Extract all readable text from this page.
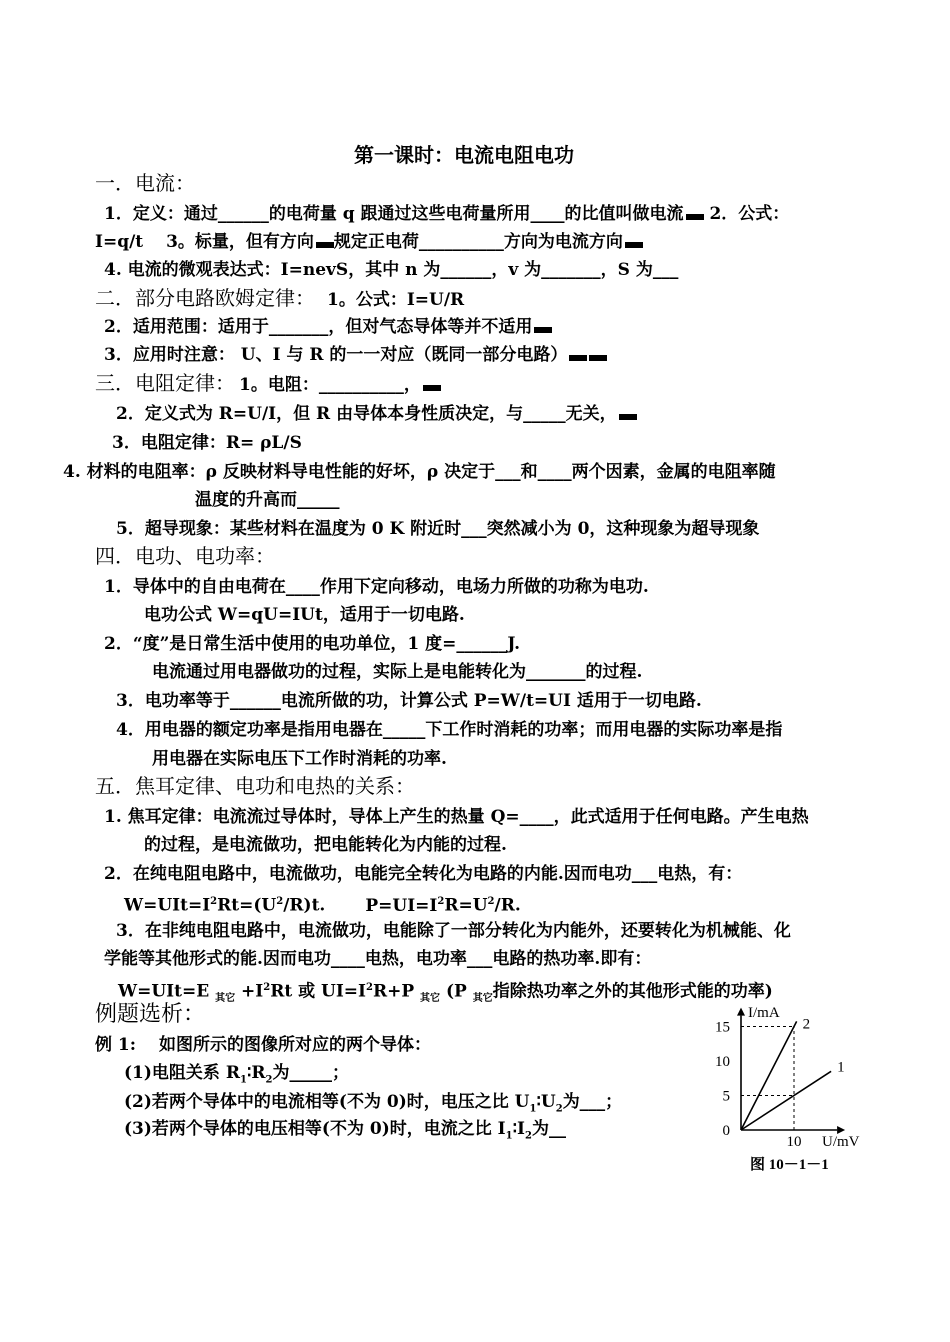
第一课时：电流电阻电功
一．电流：
1．定义：通过______的电荷量 q 跟通过这些电荷量所用____的比值叫做电流 2．公式：
I=q/t　 3。标量，但有方向 规定正电荷__________方向为电流方向
4. 电流的微观表达式：I=nevS，其中 n 为______，v 为_______，S 为___
二．部分电路欧姆定律： 1。公式：I=U/R
2．适用范围：适用于_______，但对气态导体等并不适用
3．应用时注意： U、I 与 R 的一一对应（既同一部分电路）
三．电阻定律： 1。电阻：__________，
2．定义式为 R=U/I，但 R 由导体本身性质决定，与_____无关，
3．电阻定律：R= ρL/S
4. 材料的电阻率：ρ 反映材料导电性能的好坏，ρ 决定于___和____两个因素，金属的电阻率随
温度的升高而_____
5．超导现象：某些材料在温度为 0 K 附近时___突然减小为 0，这种现象为超导现象
四．电功、电功率：
1．导体中的自由电荷在____作用下定向移动，电场力所做的功称为电功.
电功公式 W=qU=IUt，适用于一切电路.
2．“度”是日常生活中使用的电功单位，1 度=______J.
电流通过用电器做功的过程，实际上是电能转化为_______的过程.
3．电功率等于______电流所做的功，计算公式 P=W/t=UI 适用于一切电路.
4．用电器的额定功率是指用电器在_____下工作时消耗的功率；而用电器的实际功率是指
用电器在实际电压下工作时消耗的功率.
五．焦耳定律、电功和电热的关系：
1. 焦耳定律：电流流过导体时，导体上产生的热量 Q=____，此式适用于任何电路。产生电热
的过程，是电流做功，把电能转化为内能的过程.
2．在纯电阻电路中，电流做功，电能完全转化为电路的内能.因而电功___电热，有：
$W=UIt=I^2Rt=(U^2/R)t$. $P=UI=I^2R=U^2/R$.
3．在非纯电阻电路中，电流做功，电能除了一部分转化为内能外，还要转化为机械能、化
学能等其他形式的能.因而电功____电热，电功率___电路的热功率.即有：
W=UIt=E $_{其它} +I^2Rt$ 或 $UI=I^2R+P$ $_{其它}$ (P $_{其它}$指除热功率之外的其他形式能的功率)
例题选析：
例 1:　 如图所示的图像所对应的两个导体：
(1)电阻关系 $R_1∶R_2$为_____；
(2)若两个导体中的电流相等(不为 0)时，电压之比 $U_1∶U_2$为___；
(3)若两个导体的电压相等(不为 0)时，电流之比 $I_1∶I_2$为__
15
10
5
0
10
I/mA
U/mV
1
2
图 10－1－1
